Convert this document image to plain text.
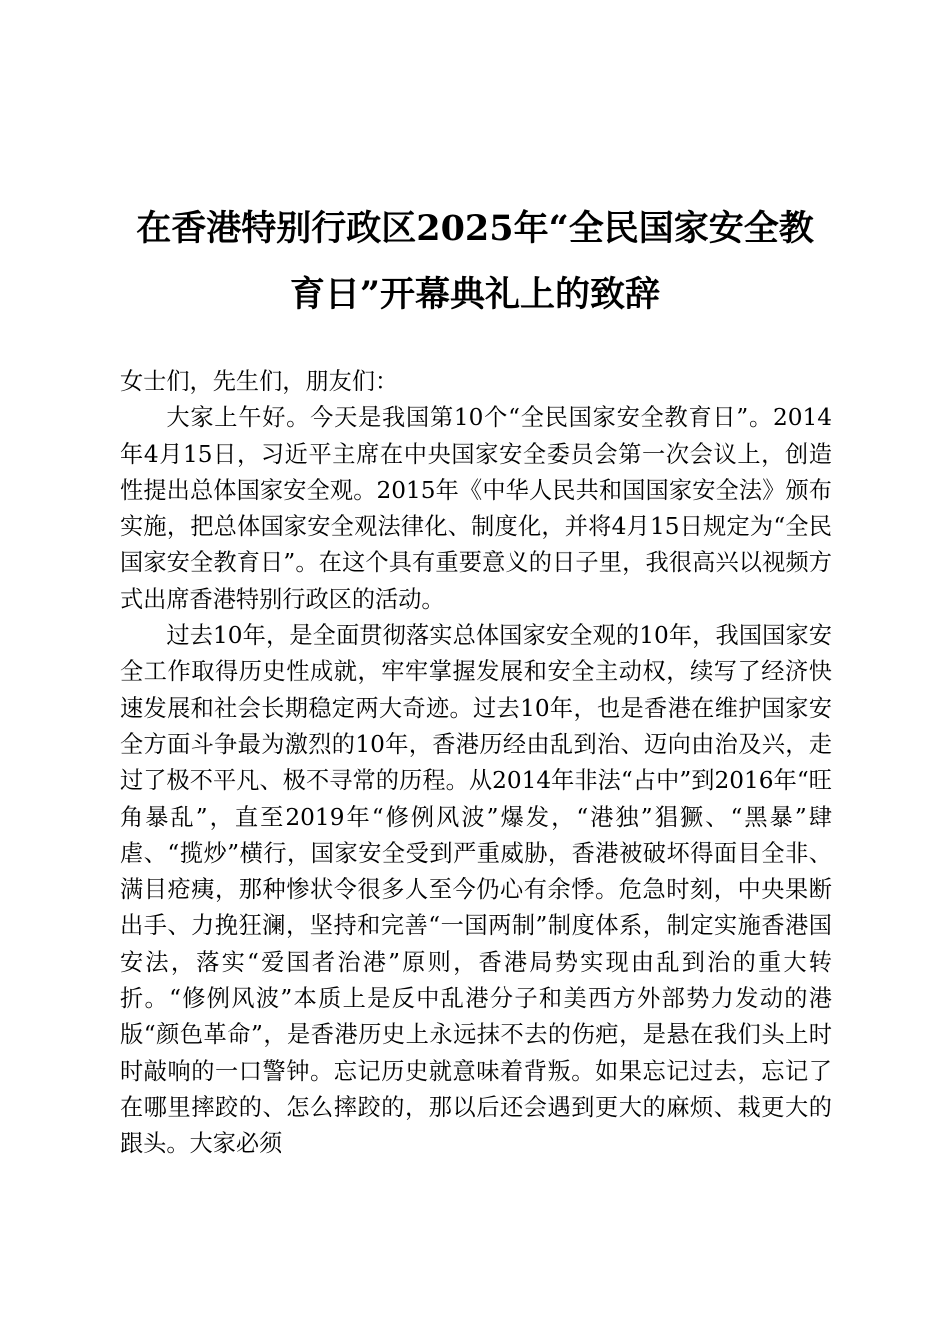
在香港特别行政区2025年“全民国家安全教
育日”开幕典礼上的致辞

女士们，先生们，朋友们：

大家上午好。今天是我国第10个“全民国家安全教育日”。2014年4月15日，习近平主席在中央国家安全委员会第一次会议上，创造性提出总体国家安全观。2015年《中华人民共和国国家安全法》颁布实施，把总体国家安全观法律化、制度化，并将4月15日规定为“全民国家安全教育日”。在这个具有重要意义的日子里，我很高兴以视频方式出席香港特别行政区的活动。

过去10年，是全面贯彻落实总体国家安全观的10年，我国国家安全工作取得历史性成就，牢牢掌握发展和安全主动权，续写了经济快速发展和社会长期稳定两大奇迹。过去10年，也是香港在维护国家安全方面斗争最为激烈的10年，香港历经由乱到治、迈向由治及兴，走过了极不平凡、极不寻常的历程。从2014年非法“占中”到2016年“旺角暴乱”，直至2019年“修例风波”爆发，“港独”猖獗、“黑暴”肆虐、“揽炒”横行，国家安全受到严重威胁，香港被破坏得面目全非、满目疮痍，那种惨状令很多人至今仍心有余悸。危急时刻，中央果断出手、力挽狂澜，坚持和完善“一国两制”制度体系，制定实施香港国安法，落实“爱国者治港”原则，香港局势实现由乱到治的重大转折。“修例风波”本质上是反中乱港分子和美西方外部势力发动的港版“颜色革命”，是香港历史上永远抹不去的伤疤，是悬在我们头上时时敲响的一口警钟。忘记历史就意味着背叛。如果忘记过去，忘记了在哪里摔跤的、怎么摔跤的，那以后还会遇到更大的麻烦、栽更大的跟头。大家必须
